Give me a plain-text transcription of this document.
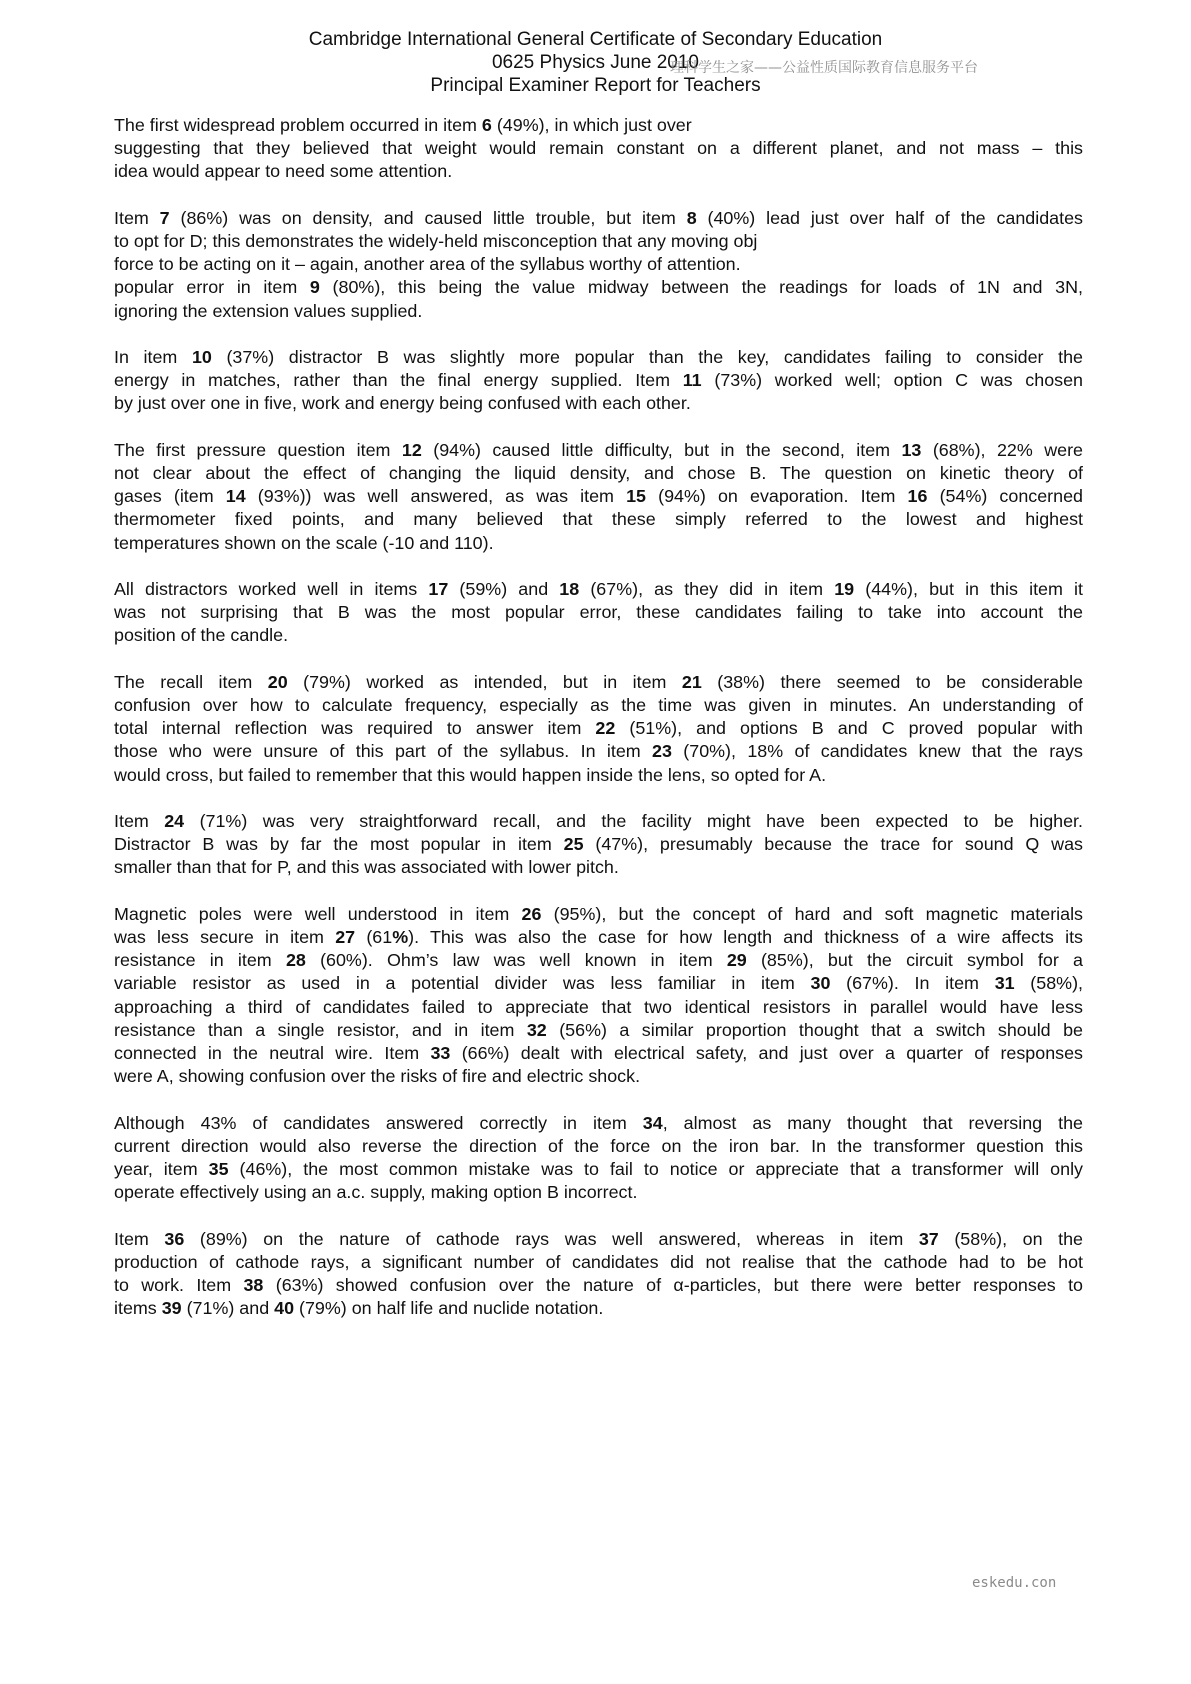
Cambridge International General Certificate of Secondary Education
0625 Physics June 2010
Principal Examiner Report for Teachers
理科学生之家——公益性质国际教育信息服务平台
The first widespread problem occurred in item 6 (49%), in which just over
suggesting that they believed that weight would remain constant on a different planet, and not mass – this
idea would appear to need some attention.
Item 7 (86%) was on density, and caused little trouble, but item 8 (40%) lead just over half of the candidates
to opt for D; this demonstrates the widely-held misconception that any moving obj
force to be acting on it – again, another area of the syllabus worthy of attention.
popular error in item 9 (80%), this being the value midway between the readings for loads of 1N and 3N,
ignoring the extension values supplied.
In item 10 (37%) distractor B was slightly more popular than the key, candidates failing to consider the
energy in matches, rather than the final energy supplied. Item 11 (73%) worked well; option C was chosen
by just over one in five, work and energy being confused with each other.
The first pressure question item 12 (94%) caused little difficulty, but in the second, item 13 (68%), 22% were
not clear about the effect of changing the liquid density, and chose B. The question on kinetic theory of
gases (item 14 (93%)) was well answered, as was item 15 (94%) on evaporation. Item 16 (54%) concerned
thermometer fixed points, and many believed that these simply referred to the lowest and highest
temperatures shown on the scale (-10 and 110).
All distractors worked well in items 17 (59%) and 18 (67%), as they did in item 19 (44%), but in this item it
was not surprising that B was the most popular error, these candidates failing to take into account the
position of the candle.
The recall item 20 (79%) worked as intended, but in item 21 (38%) there seemed to be considerable
confusion over how to calculate frequency, especially as the time was given in minutes. An understanding of
total internal reflection was required to answer item 22 (51%), and options B and C proved popular with
those who were unsure of this part of the syllabus. In item 23 (70%), 18% of candidates knew that the rays
would cross, but failed to remember that this would happen inside the lens, so opted for A.
Item 24 (71%) was very straightforward recall, and the facility might have been expected to be higher.
Distractor B was by far the most popular in item 25 (47%), presumably because the trace for sound Q was
smaller than that for P, and this was associated with lower pitch.
Magnetic poles were well understood in item 26 (95%), but the concept of hard and soft magnetic materials
was less secure in item 27 (61%). This was also the case for how length and thickness of a wire affects its
resistance in item 28 (60%). Ohm’s law was well known in item 29 (85%), but the circuit symbol for a
variable resistor as used in a potential divider was less familiar in item 30 (67%). In item 31 (58%),
approaching a third of candidates failed to appreciate that two identical resistors in parallel would have less
resistance than a single resistor, and in item 32 (56%) a similar proportion thought that a switch should be
connected in the neutral wire. Item 33 (66%) dealt with electrical safety, and just over a quarter of responses
were A, showing confusion over the risks of fire and electric shock.
Although 43% of candidates answered correctly in item 34, almost as many thought that reversing the
current direction would also reverse the direction of the force on the iron bar. In the transformer question this
year, item 35 (46%), the most common mistake was to fail to notice or appreciate that a transformer will only
operate effectively using an a.c. supply, making option B incorrect.
Item 36 (89%) on the nature of cathode rays was well answered, whereas in item 37 (58%), on the
production of cathode rays, a significant number of candidates did not realise that the cathode had to be hot
to work. Item 38 (63%) showed confusion over the nature of α-particles, but there were better responses to
items 39 (71%) and 40 (79%) on half life and nuclide notation.
eskedu.con
